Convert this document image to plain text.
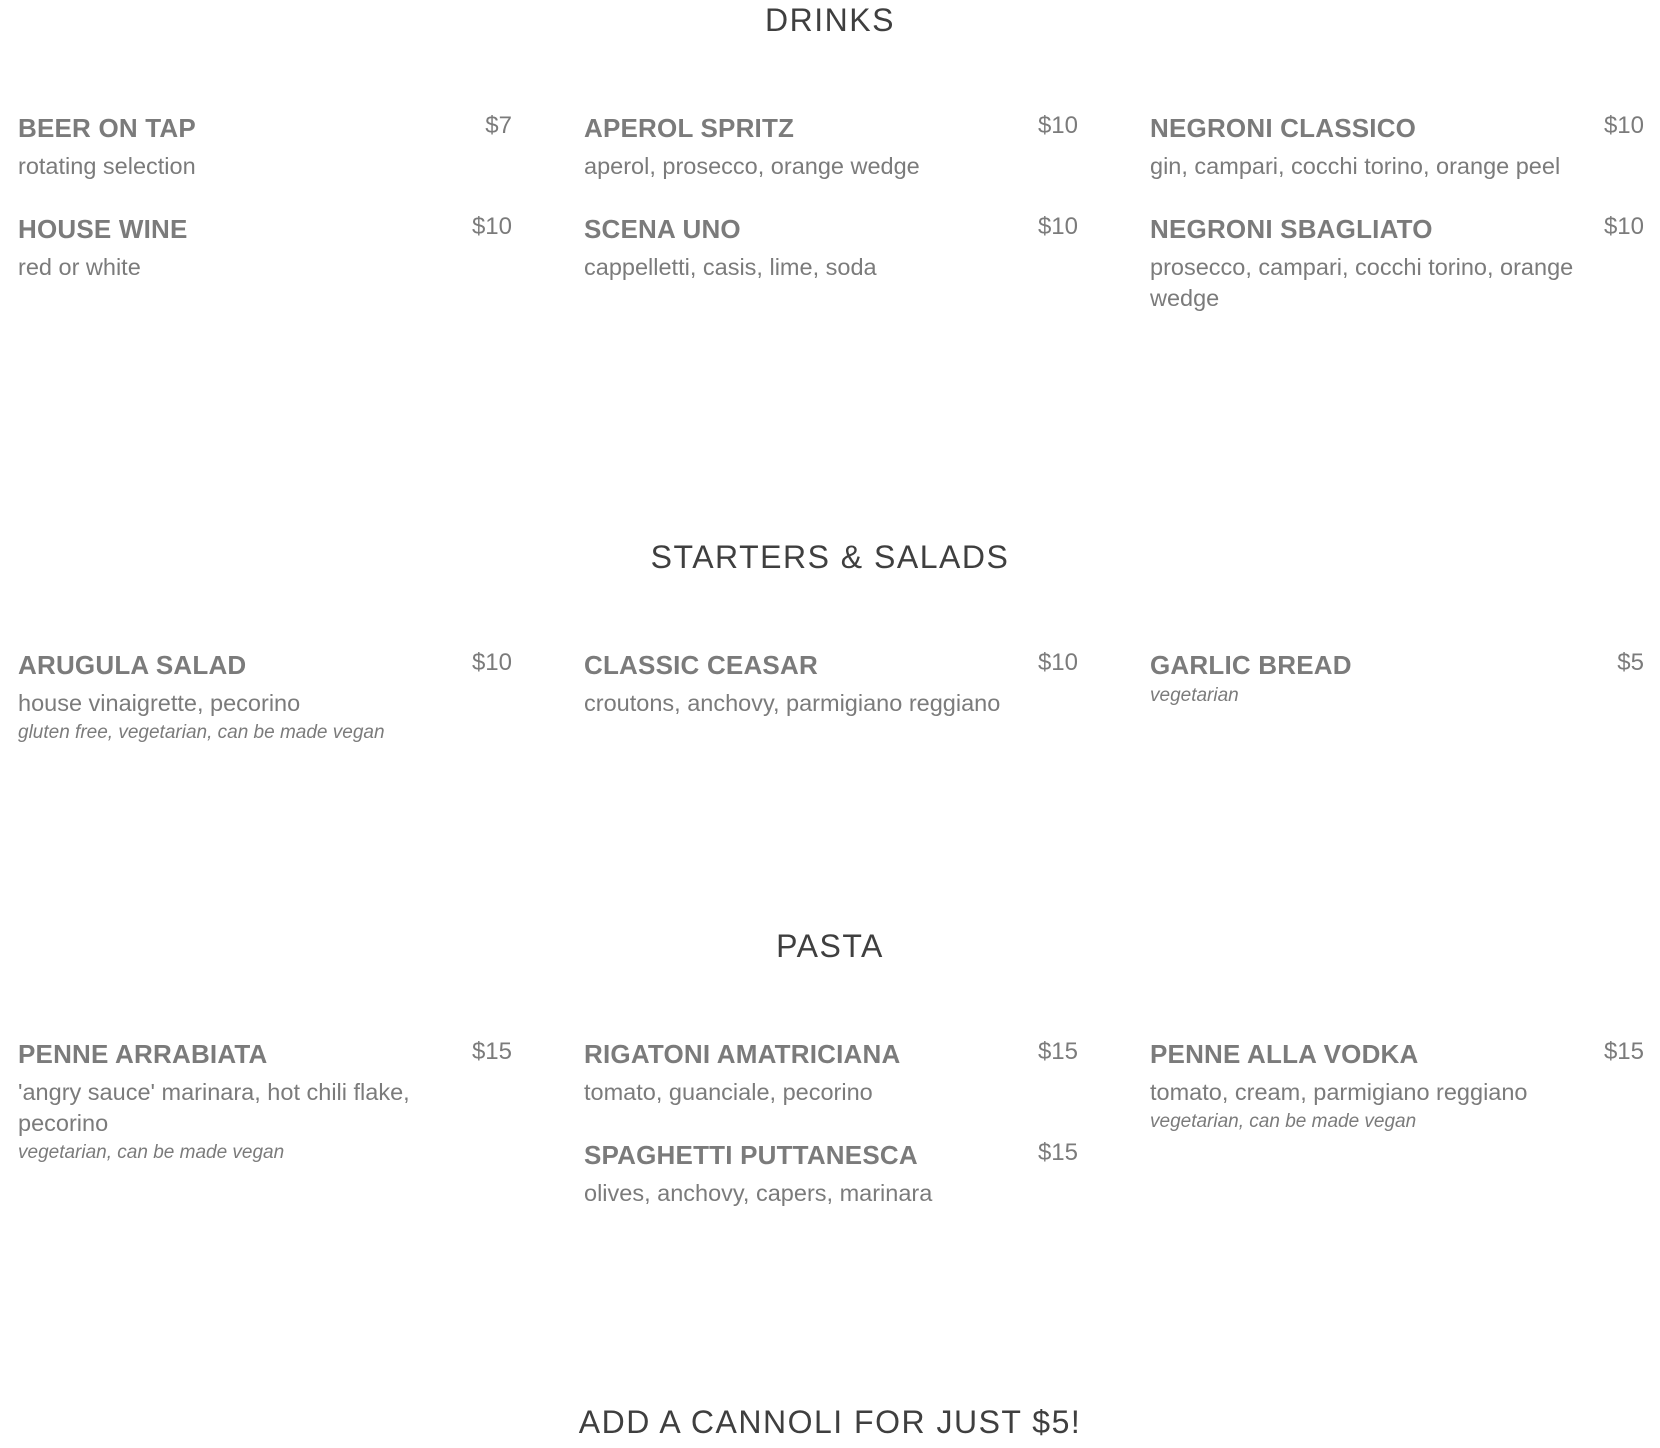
DRINKS
BEER ON TAP	$7
rotating selection
HOUSE WINE	$10
red or white
APEROL SPRITZ	$10
aperol, prosecco, orange wedge
SCENA UNO	$10
cappelletti, casis, lime, soda
NEGRONI CLASSICO	$10
gin, campari, cocchi torino, orange peel
NEGRONI SBAGLIATO	$10
prosecco, campari, cocchi torino, orange wedge
STARTERS & SALADS
ARUGULA SALAD	$10
house vinaigrette, pecorino
gluten free, vegetarian, can be made vegan
CLASSIC CEASAR	$10
croutons, anchovy, parmigiano reggiano
GARLIC BREAD	$5
vegetarian
PASTA
PENNE ARRABIATA	$15
'angry sauce' marinara, hot chili flake, pecorino
vegetarian, can be made vegan
RIGATONI AMATRICIANA	$15
tomato, guanciale, pecorino
SPAGHETTI PUTTANESCA	$15
olives, anchovy, capers, marinara
PENNE ALLA VODKA	$15
tomato, cream, parmigiano reggiano
vegetarian, can be made vegan
ADD A CANNOLI FOR JUST $5!
